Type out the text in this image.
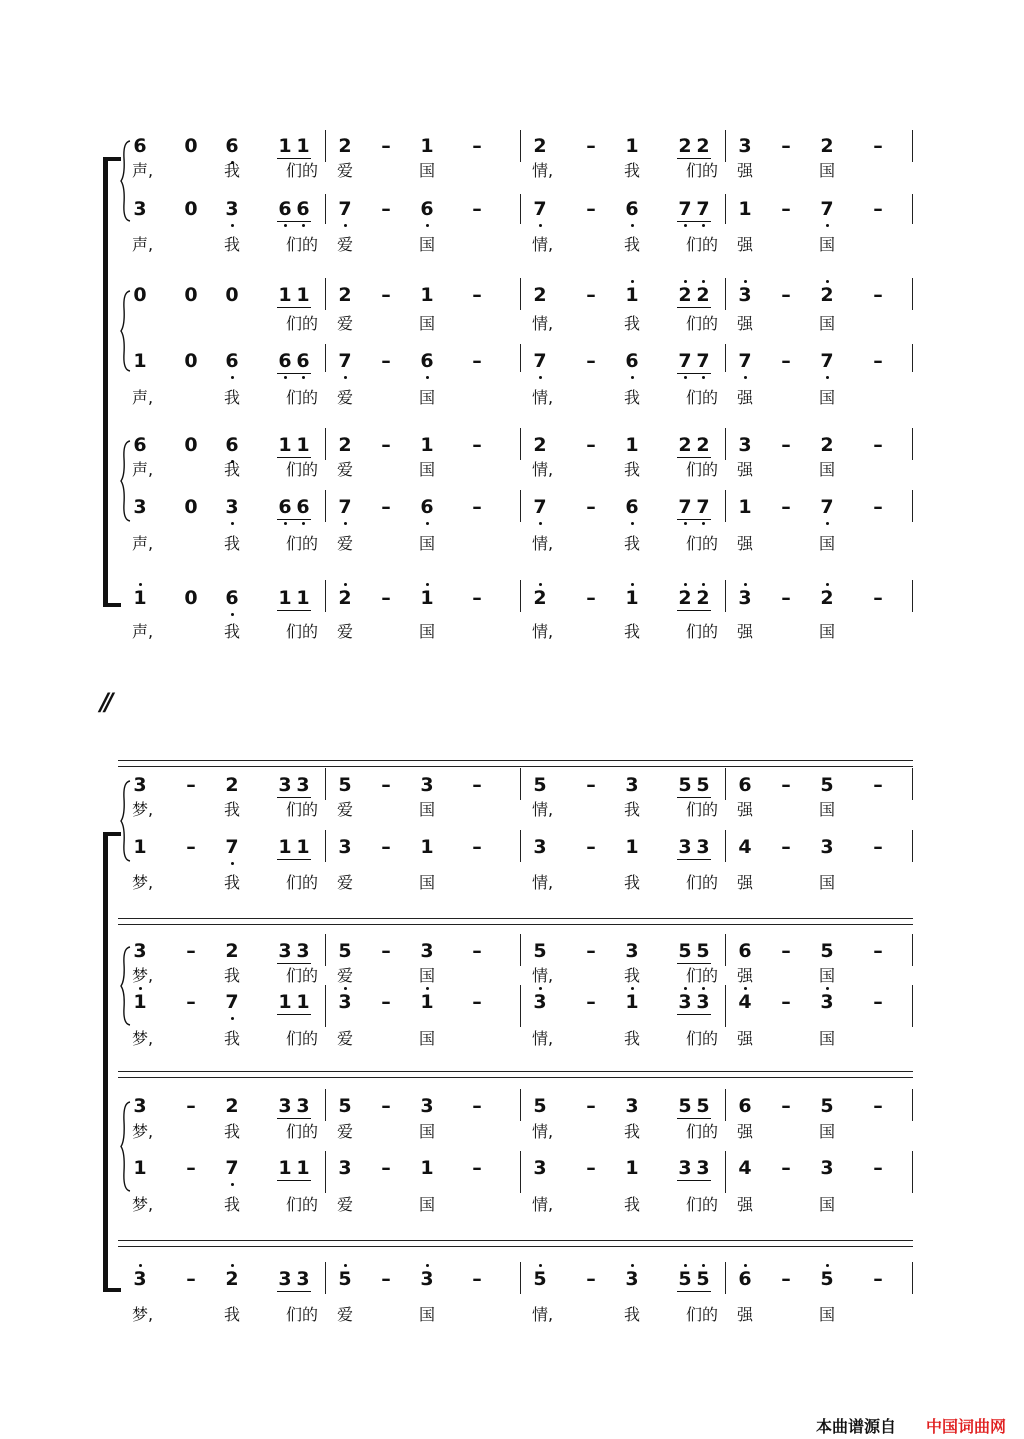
6 0 6 1 1 2	–	1	–	2	–	1 2 2 3	–	2	–
3 0 3 6 6 7	–	6	–	7	–	6 7 7 1	–	7	–
0 0 0 1 1 2	–	1	–	2	–	1 2 2 3	–	2	–
1 0 6 6 6 7	–	6	–	7	–	6 7 7 7	–	7	–
6 0 6 1 1 2	–	1	–	2	–	1 2 2 3	–	2	–
3 0 3 6 6 7	–	6	–	7	–	6 7 7 1	–	7	–
1 0 6 1 1 2	–	1	–	2	–	1 2 2 3	–	2	–
声,	我	们的 爱	国	情,	我	们的 强	国
声,	我	们的 爱	国	情,	我	们的 强	国
们的 爱	国	情,	我	们的 强	国
声,	我	们的 爱	国	情,	我	们的 强	国
声,	我	们的 爱	国	情,	我	们的 强	国
声,	我	们的 爱	国	情,	我	们的 强	国
声,	我	们的 爱	国	情,	我	们的 强	国
3	–	2 3 3 5	–	3	–	5	–	3 5 5 6	–	5	–
1	–	7 1 1 3	–	1	–	3	–	1 3 3 4	–	3	–
3	–	2 3 3 5	–	3	–	5	–	3 5 5 6	–	5	–
1	–	7 1 1 3	–	1	–	3	–	1 3 3 4	–	3	–
3	–	2 3 3 5	–	3	–	5	–	3 5 5 6	–	5	–
1	–	7 1 1 3	–	1	–	3	–	1 3 3 4	–	3	–
3	–	2 3 3 5	–	3	–	5	–	3 5 5 6	–	5	–
梦,	我	们的 爱	国	情,	我	们的 强	国
梦,	我	们的 爱	国	情,	我	们的 强	国
梦,	我	们的 爱	国	情,	我	们的 强	国
梦,	我	们的 爱	国	情,	我	们的 强	国
梦,	我	们的 爱	国	情,	我	们的 强	国
梦,	我	们的 爱	国	情,	我	们的 强	国
梦,	我	们的 爱	国	情,	我	们的 强	国
//
本曲谱源自 中国词曲网
